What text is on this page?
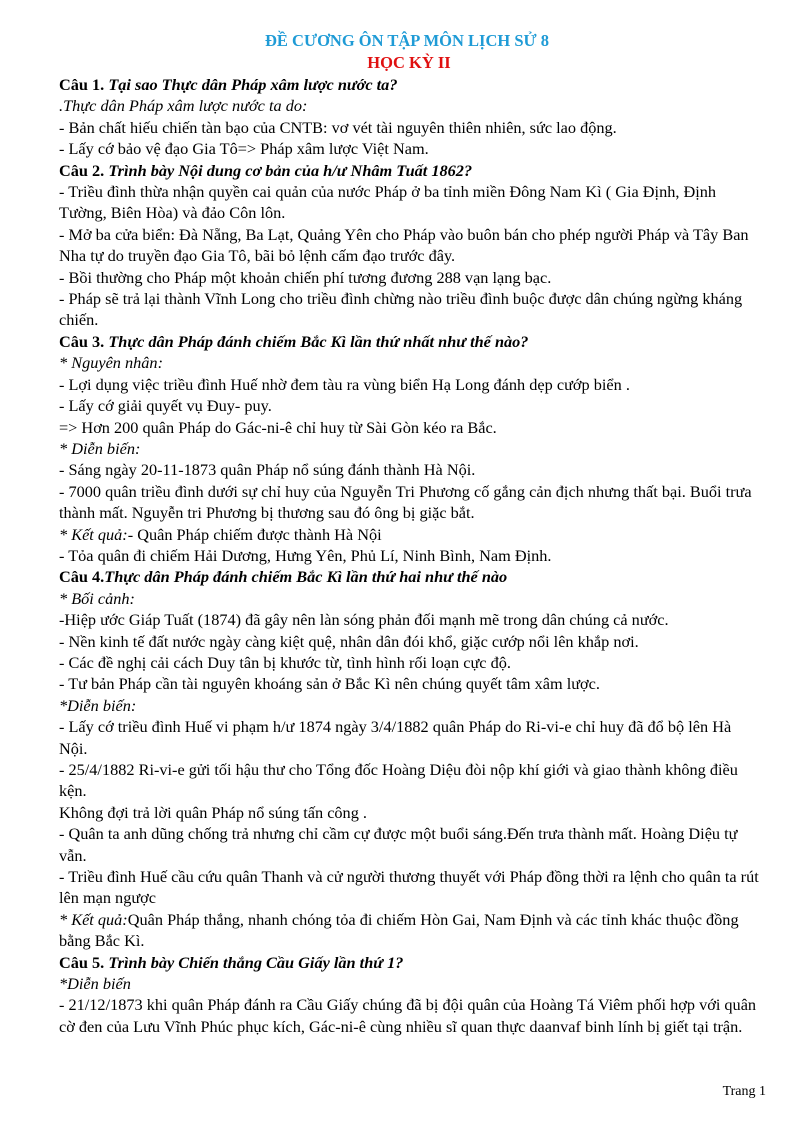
ĐỀ CƯƠNG ÔN TẬP MÔN LỊCH SỬ 8
HỌC KỲ II

Câu 1. Tại sao Thực dân Pháp xâm lược nước ta?

.Thực dân Pháp xâm lược nước ta do:

- Bản chất hiếu chiến tàn bạo của CNTB: vơ vét tài nguyên thiên nhiên, sức lao động.

- Lấy cớ bảo vệ đạo Gia Tô=> Pháp xâm lược Việt Nam.

Câu 2. Trình bày Nội dung cơ bản của h/ư Nhâm Tuất 1862?

- Triều đình thừa nhận quyền cai quản của nước Pháp ở ba tỉnh miền Đông Nam Kì ( Gia Định, Định Tường, Biên Hòa) và đảo Côn lôn.

- Mở ba cửa biển: Đà Nẵng, Ba Lạt, Quảng Yên cho Pháp vào buôn bán cho phép người Pháp và Tây Ban Nha tự do truyền đạo Gia Tô, bãi bỏ lệnh cấm đạo trước đây.

- Bồi thường cho Pháp một khoản chiến phí tương đương 288 vạn lạng bạc.

- Pháp sẽ trả lại thành Vĩnh Long cho triều đình chừng nào triều đình buộc được dân chúng ngừng kháng chiến.

Câu 3. Thực dân Pháp đánh chiếm Bắc Kì lần thứ nhất như thế nào?

* Nguyên nhân:

- Lợi dụng việc triều đình Huế nhờ đem tàu ra vùng biển Hạ Long đánh dẹp cướp biển .

- Lấy cớ giải quyết vụ Đuy- puy.

=> Hơn 200 quân Pháp do Gác-ni-ê chỉ huy từ Sài Gòn kéo ra Bắc.

* Diễn biến:

- Sáng ngày 20-11-1873 quân Pháp nổ súng đánh thành Hà Nội.

- 7000 quân triều đình dưới sự chỉ huy của Nguyễn Tri Phương cố gắng cản địch nhưng thất bại. Buổi trưa thành mất. Nguyễn tri Phương bị thương sau đó ông bị giặc bắt.

* Kết quả:- Quân Pháp chiếm được thành Hà Nội

- Tỏa quân đi chiếm Hải Dương, Hưng Yên, Phủ Lí, Ninh Bình, Nam Định.

Câu 4.Thực dân Pháp đánh chiếm Bắc Kì lần thứ hai như thế nào

* Bối cảnh:

-Hiệp ước Giáp Tuất (1874) đã gây nên làn sóng phản đối mạnh mẽ trong dân chúng cả nước.

- Nền kinh tế đất nước ngày càng kiệt quệ, nhân dân đói khổ, giặc cướp nổi lên khắp nơi.

- Các đề nghị cải cách Duy tân bị khước từ, tình hình rối loạn cực độ.

- Tư bản Pháp cần tài nguyên khoáng sản ở Bắc Kì nên chúng quyết tâm xâm lược.

*Diễn biến:

- Lấy cớ triều đình Huế vi phạm h/ư 1874 ngày 3/4/1882 quân Pháp do Ri-vi-e chỉ huy đã đổ bộ lên Hà Nội.

- 25/4/1882 Ri-vi-e gửi tối hậu thư cho Tổng đốc Hoàng Diệu đòi nộp khí giới và giao thành không điều kện.

Không đợi trả lời quân Pháp nổ súng tấn công .

- Quân ta anh dũng chống trả nhưng chỉ cầm cự được một buổi sáng.Đến trưa thành mất. Hoàng Diệu tự vẫn.

- Triều đình Huế cầu cứu quân Thanh và cử người thương thuyết với Pháp đồng thời ra lệnh cho quân ta rút lên mạn ngược

* Kết quả:Quân Pháp thắng, nhanh chóng tỏa đi chiếm Hòn Gai, Nam Định và các tỉnh khác thuộc đồng bằng Bắc Kì.

Câu 5. Trình bày Chiến thắng Cầu Giấy lần thứ 1?

*Diễn biến

- 21/12/1873 khi quân Pháp đánh ra Cầu Giấy chúng đã bị đội quân của Hoàng Tá Viêm phối hợp với quân cờ đen của Lưu Vĩnh Phúc phục kích, Gác-ni-ê cùng nhiều sĩ quan thực daanvaf binh lính bị giết tại trận.

Trang 1
